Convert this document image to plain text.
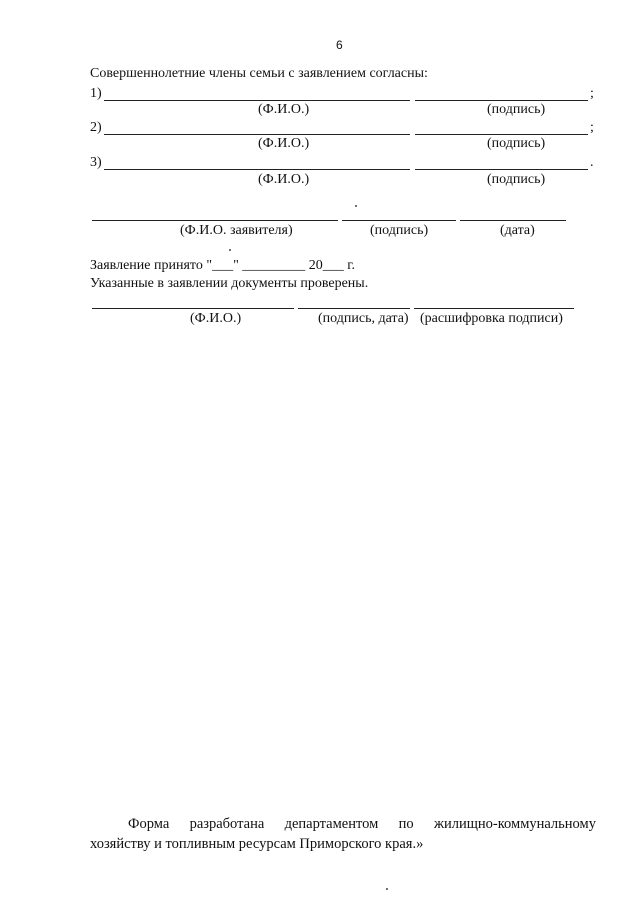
6
Совершеннолетние члены семьи с заявлением согласны:
1)	;
(Ф.И.О.)	(подпись)
2)	;
(Ф.И.О.)	(подпись)
3)	.
(Ф.И.О.)	(подпись)
(Ф.И.О. заявителя)	(подпись)	(дата)
Заявление принято "___" _________ 20___ г.
Указанные в заявлении документы проверены.
(Ф.И.О.)	(подпись, дата) (расшифровка подписи)
Форма разработана департаментом по жилищно-коммунальному
хозяйству и топливным ресурсам Приморского края.»
